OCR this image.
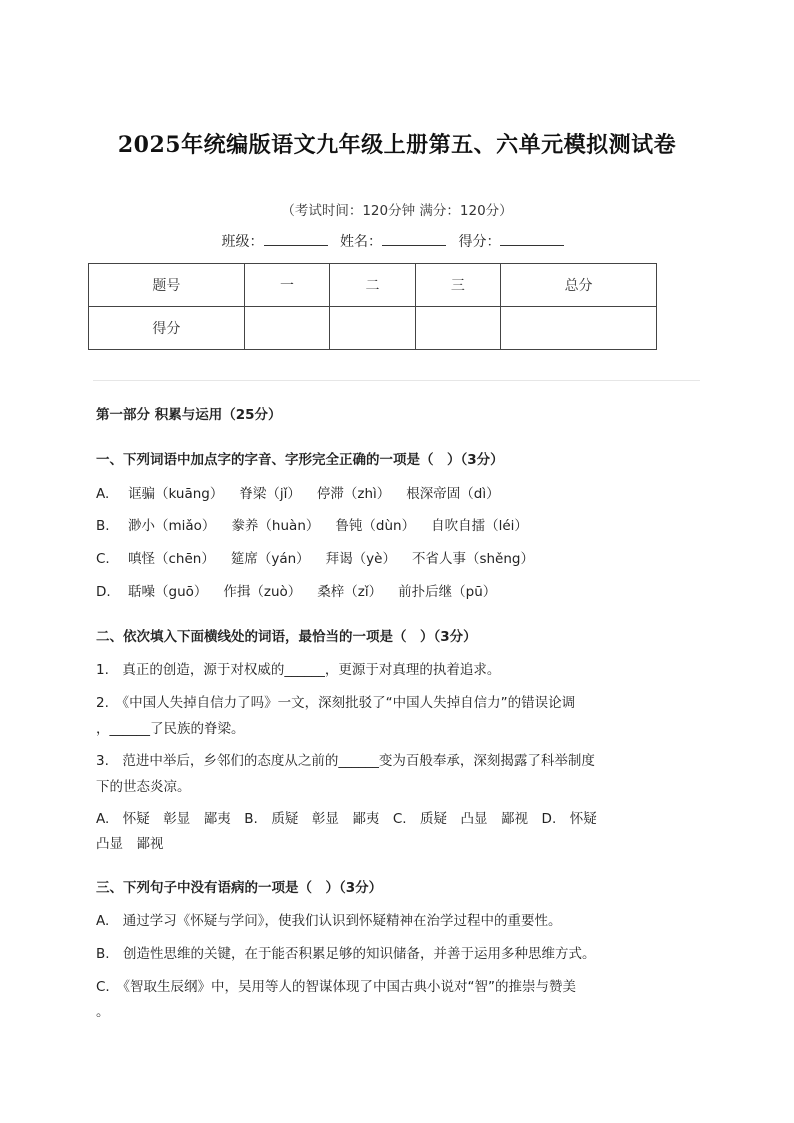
2025年统编版语文九年级上册第五、六单元模拟测试卷
（考试时间：120分钟 满分：120分）
班级：	姓名：	得分：
题号	一	二	三	总分
得分				
第一部分 积累与运用（25分）
一、下列词语中加点字的字音、字形完全正确的一项是（　）（3分）
A. 诓骗（kuāng） 脊梁（jǐ） 停滞（zhì） 根深帝固（dì）
B. 渺小（miǎo） 豢养（huàn） 鲁钝（dùn） 自吹自擂（léi）
C. 嗔怪（chēn） 筵席（yán） 拜谒（yè） 不省人事（shěng）
D. 聒噪（guō） 作揖（zuò） 桑梓（zǐ） 前扑后继（pū）
二、依次填入下面横线处的词语，最恰当的一项是（　）（3分）
1.　真正的创造，源于对权威的______，更源于对真理的执着追求。
2.　《中国人失掉自信力了吗》一文，深刻批驳了“中国人失掉自信力”的错误论调
，______了民族的脊梁。
3.　范进中举后，乡邻们的态度从之前的______变为百般奉承，深刻揭露了科举制度
下的世态炎凉。
A.　怀疑　彰显　鄙夷　B.　质疑　彰显　鄙夷　C.　质疑　凸显　鄙视　D.　怀疑
凸显　鄙视
三、下列句子中没有语病的一项是（　）（3分）
A.　通过学习《怀疑与学问》，使我们认识到怀疑精神在治学过程中的重要性。
B.　创造性思维的关键，在于能否积累足够的知识储备，并善于运用多种思维方式。
C.　《智取生辰纲》中，吴用等人的智谋体现了中国古典小说对“智”的推崇与赞美
。
